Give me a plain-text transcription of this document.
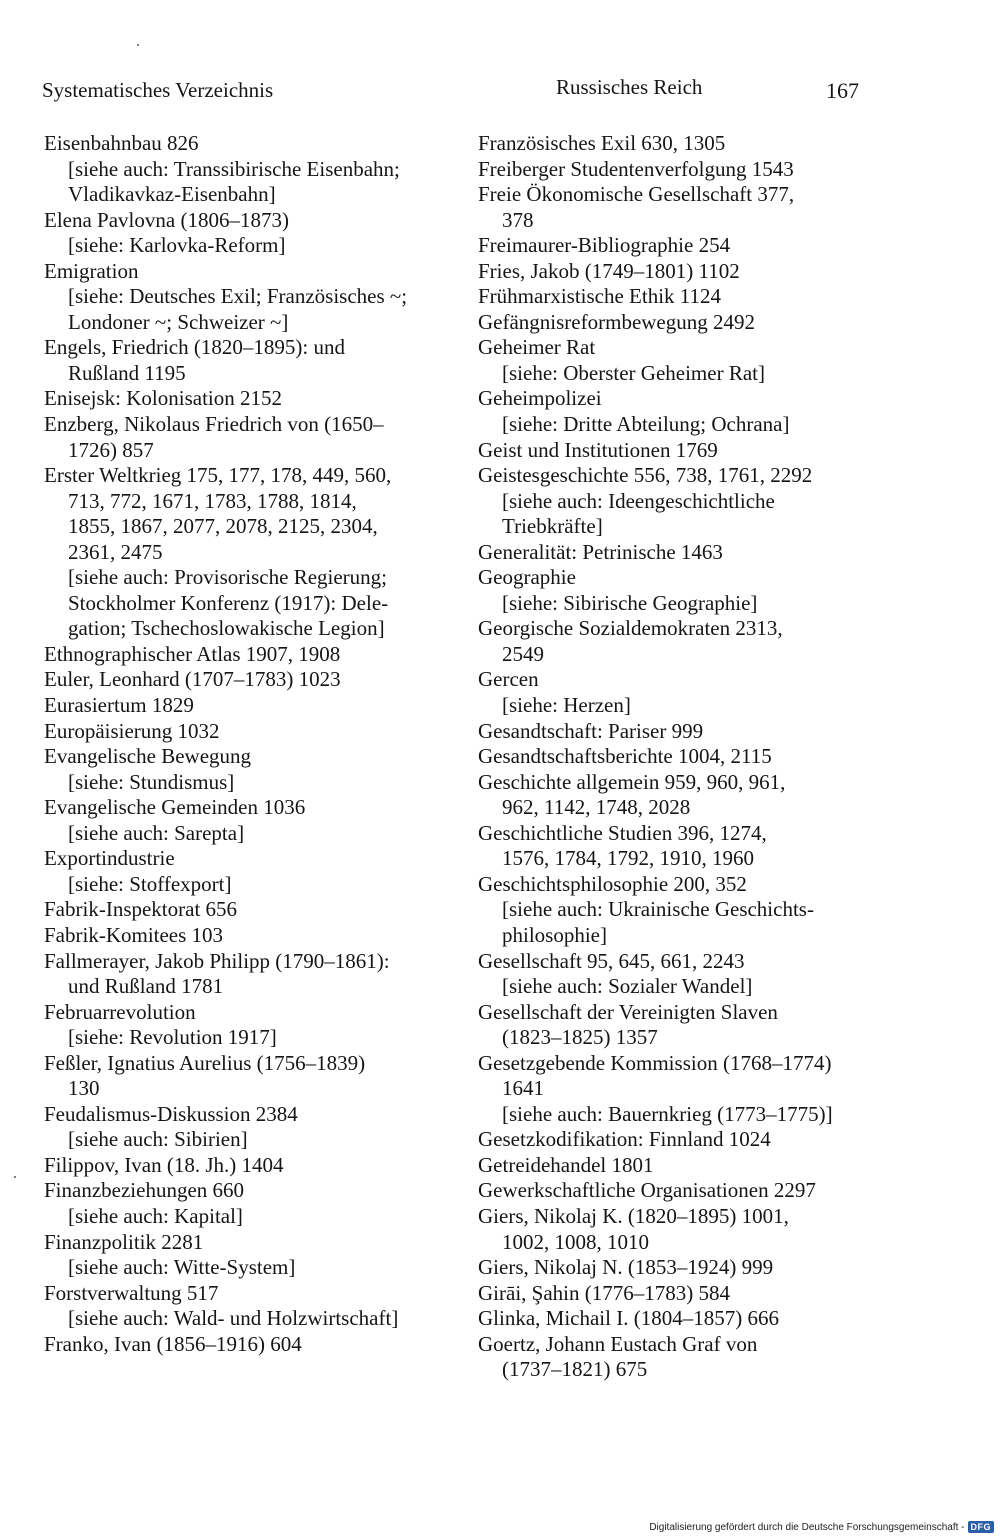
Systematisches Verzeichnis	Russisches Reich	167
Eisenbahnbau 826
[siehe auch: Transsibirische Eisenbahn;
Vladikavkaz-Eisenbahn]
Elena Pavlovna (1806–1873)
[siehe: Karlovka-Reform]
Emigration
[siehe: Deutsches Exil; Französisches ~;
Londoner ~; Schweizer ~]
Engels, Friedrich (1820–1895): und
Rußland 1195
Enisejsk: Kolonisation 2152
Enzberg, Nikolaus Friedrich von (1650–
1726) 857
Erster Weltkrieg 175, 177, 178, 449, 560,
713, 772, 1671, 1783, 1788, 1814,
1855, 1867, 2077, 2078, 2125, 2304,
2361, 2475
[siehe auch: Provisorische Regierung;
Stockholmer Konferenz (1917): Dele-
gation; Tschechoslowakische Legion]
Ethnographischer Atlas 1907, 1908
Euler, Leonhard (1707–1783) 1023
Eurasiertum 1829
Europäisierung 1032
Evangelische Bewegung
[siehe: Stundismus]
Evangelische Gemeinden 1036
[siehe auch: Sarepta]
Exportindustrie
[siehe: Stoffexport]
Fabrik-Inspektorat 656
Fabrik-Komitees 103
Fallmerayer, Jakob Philipp (1790–1861):
und Rußland 1781
Februarrevolution
[siehe: Revolution 1917]
Feßler, Ignatius Aurelius (1756–1839)
130
Feudalismus-Diskussion 2384
[siehe auch: Sibirien]
Filippov, Ivan (18. Jh.) 1404
Finanzbeziehungen 660
[siehe auch: Kapital]
Finanzpolitik 2281
[siehe auch: Witte-System]
Forstverwaltung 517
[siehe auch: Wald- und Holzwirtschaft]
Franko, Ivan (1856–1916) 604
Französisches Exil 630, 1305
Freiberger Studentenverfolgung 1543
Freie Ökonomische Gesellschaft 377,
378
Freimaurer-Bibliographie 254
Fries, Jakob (1749–1801) 1102
Frühmarxistische Ethik 1124
Gefängnisreformbewegung 2492
Geheimer Rat
[siehe: Oberster Geheimer Rat]
Geheimpolizei
[siehe: Dritte Abteilung; Ochrana]
Geist und Institutionen 1769
Geistesgeschichte 556, 738, 1761, 2292
[siehe auch: Ideengeschichtliche
Triebkräfte]
Generalität: Petrinische 1463
Geographie
[siehe: Sibirische Geographie]
Georgische Sozialdemokraten 2313,
2549
Gercen
[siehe: Herzen]
Gesandtschaft: Pariser 999
Gesandtschaftsberichte 1004, 2115
Geschichte allgemein 959, 960, 961,
962, 1142, 1748, 2028
Geschichtliche Studien 396, 1274,
1576, 1784, 1792, 1910, 1960
Geschichtsphilosophie 200, 352
[siehe auch: Ukrainische Geschichts-
philosophie]
Gesellschaft 95, 645, 661, 2243
[siehe auch: Sozialer Wandel]
Gesellschaft der Vereinigten Slaven
(1823–1825) 1357
Gesetzgebende Kommission (1768–1774)
1641
[siehe auch: Bauernkrieg (1773–1775)]
Gesetzkodifikation: Finnland 1024
Getreidehandel 1801
Gewerkschaftliche Organisationen 2297
Giers, Nikolaj K. (1820–1895) 1001,
1002, 1008, 1010
Giers, Nikolaj N. (1853–1924) 999
Girāi, Şahin (1776–1783) 584
Glinka, Michail I. (1804–1857) 666
Goertz, Johann Eustach Graf von
(1737–1821) 675
Digitalisierung gefördert durch die Deutsche Forschungsgemeinschaft - DFG
